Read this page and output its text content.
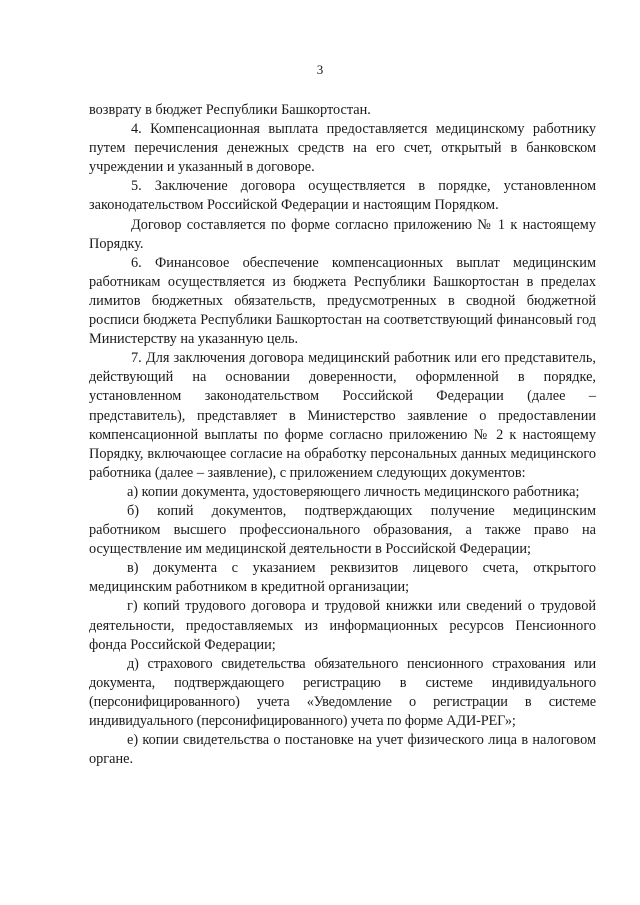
3

возврату в бюджет Республики Башкортостан.

4. Компенсационная выплата предоставляется медицинскому работнику путем перечисления денежных средств на его счет, открытый в банковском учреждении и указанный в договоре.

5. Заключение договора осуществляется в порядке, установленном законодательством Российской Федерации и настоящим Порядком.

Договор составляется по форме согласно приложению № 1 к настоящему Порядку.

6. Финансовое обеспечение компенсационных выплат медицинским работникам осуществляется из бюджета Республики Башкортостан в пределах лимитов бюджетных обязательств, предусмотренных в сводной бюджетной росписи бюджета Республики Башкортостан на соответствующий финансовый год Министерству на указанную цель.

7. Для заключения договора медицинский работник или его представитель, действующий на основании доверенности, оформленной в порядке, установленном законодательством Российской Федерации (далее – представитель), представляет в Министерство заявление о предоставлении компенсационной выплаты по форме согласно приложению № 2 к настоящему Порядку, включающее согласие на обработку персональных данных медицинского работника (далее – заявление), с приложением следующих документов:

а) копии документа, удостоверяющего личность медицинского работника;

б) копий документов, подтверждающих получение медицинским работником высшего профессионального образования, а также право на осуществление им медицинской деятельности в Российской Федерации;

в) документа с указанием реквизитов лицевого счета, открытого медицинским работником в кредитной организации;

г) копий трудового договора и трудовой книжки или сведений о трудовой деятельности, предоставляемых из информационных ресурсов Пенсионного фонда Российской Федерации;

д) страхового свидетельства обязательного пенсионного страхования или документа, подтверждающего регистрацию в системе индивидуального (персонифицированного) учета «Уведомление о регистрации в системе индивидуального (персонифицированного) учета по форме АДИ-РЕГ»;

е) копии свидетельства о постановке на учет физического лица в налоговом органе.
